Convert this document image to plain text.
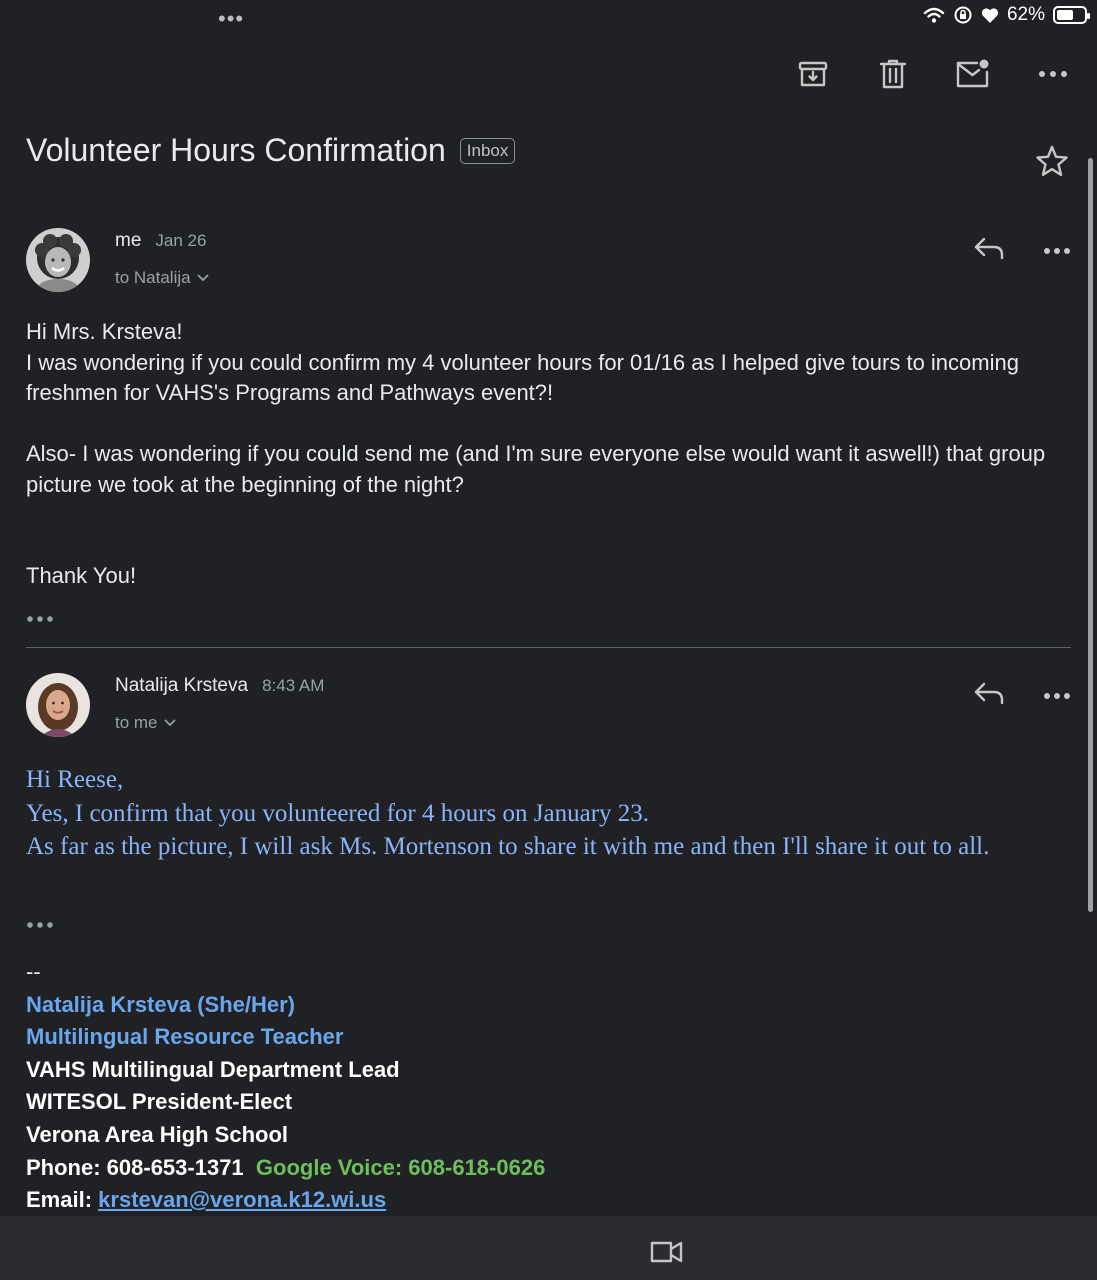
•••	62%
Volunteer Hours Confirmation	Inbox
me Jan 26
to Natalija

Hi Mrs. Krsteva!

I was wondering if you could confirm my 4 volunteer hours for 01/16 as I helped give tours to incoming freshmen for VAHS's Programs and Pathways event?!

Also- I was wondering if you could send me (and I'm sure everyone else would want it aswell!) that group picture we took at the beginning of the night?

Thank You!

Natalija Krsteva 8:43 AM
to me

Hi Reese,

Yes, I confirm that you volunteered for 4 hours on January 23.

As far as the picture, I will ask Ms. Mortenson to share it with me and then I'll share it out to all.

--
Natalija Krsteva (She/Her)
Multilingual Resource Teacher
VAHS Multilingual Department Lead
WITESOL President-Elect
Verona Area High School
Phone: 608-653-1371 Google Voice: 608-618-0626
Email: krstevan@verona.k12.wi.us
